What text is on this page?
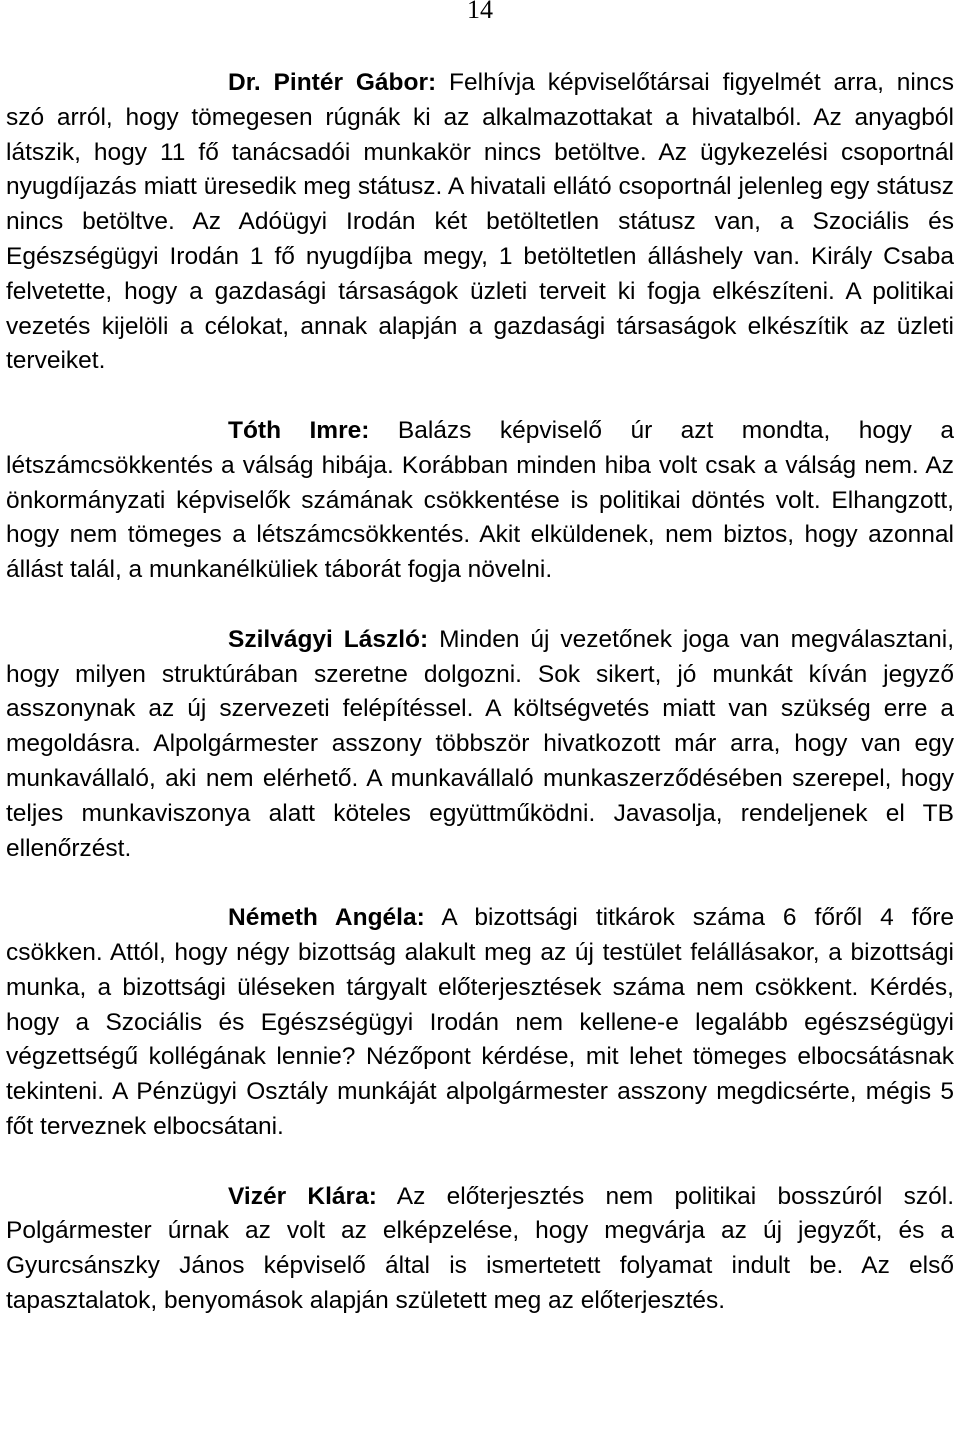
14

Dr. Pintér Gábor: Felhívja képviselőtársai figyelmét arra, nincs szó arról, hogy tömegesen rúgnák ki az alkalmazottakat a hivatalból. Az anyagból látszik, hogy 11 fő tanácsadói munkakör nincs betöltve. Az ügykezelési csoportnál nyugdíjazás miatt üresedik meg státusz. A hivatali ellátó csoportnál jelenleg egy státusz nincs betöltve. Az Adóügyi Irodán két betöltetlen státusz van, a Szociális és Egészségügyi Irodán 1 fő nyugdíjba megy, 1 betöltetlen álláshely van. Király Csaba felvetette, hogy a gazdasági társaságok üzleti terveit ki fogja elkészíteni. A politikai vezetés kijelöli a célokat, annak alapján a gazdasági társaságok elkészítik az üzleti terveiket.

Tóth Imre: Balázs képviselő úr azt mondta, hogy a létszámcsökkentés a válság hibája. Korábban minden hiba volt csak a válság nem. Az önkormányzati képviselők számának csökkentése is politikai döntés volt. Elhangzott, hogy nem tömeges a létszámcsökkentés. Akit elküldenek, nem biztos, hogy azonnal állást talál, a munkanélküliek táborát fogja növelni.

Szilvágyi László: Minden új vezetőnek joga van megválasztani, hogy milyen struktúrában szeretne dolgozni. Sok sikert, jó munkát kíván jegyző asszonynak az új szervezeti felépítéssel. A költségvetés miatt van szükség erre a megoldásra. Alpolgármester asszony többször hivatkozott már arra, hogy van egy munkavállaló, aki nem elérhető. A munkavállaló munkaszerződésében szerepel, hogy teljes munkaviszonya alatt köteles együttműködni. Javasolja, rendeljenek el TB ellenőrzést.

Németh Angéla: A bizottsági titkárok száma 6 főről 4 főre csökken. Attól, hogy négy bizottság alakult meg az új testület felállásakor, a bizottsági munka, a bizottsági üléseken tárgyalt előterjesztések száma nem csökkent. Kérdés, hogy a Szociális és Egészségügyi Irodán nem kellene-e legalább egészségügyi végzettségű kollégának lennie? Nézőpont kérdése, mit lehet tömeges elbocsátásnak tekinteni. A Pénzügyi Osztály munkáját alpolgármester asszony megdicsérte, mégis 5 főt terveznek elbocsátani.

Vizér Klára: Az előterjesztés nem politikai bosszúról szól. Polgármester úrnak az volt az elképzelése, hogy megvárja az új jegyzőt, és a Gyurcsánszky János képviselő által is ismertetett folyamat indult be. Az első tapasztalatok, benyomások alapján született meg az előterjesztés.
